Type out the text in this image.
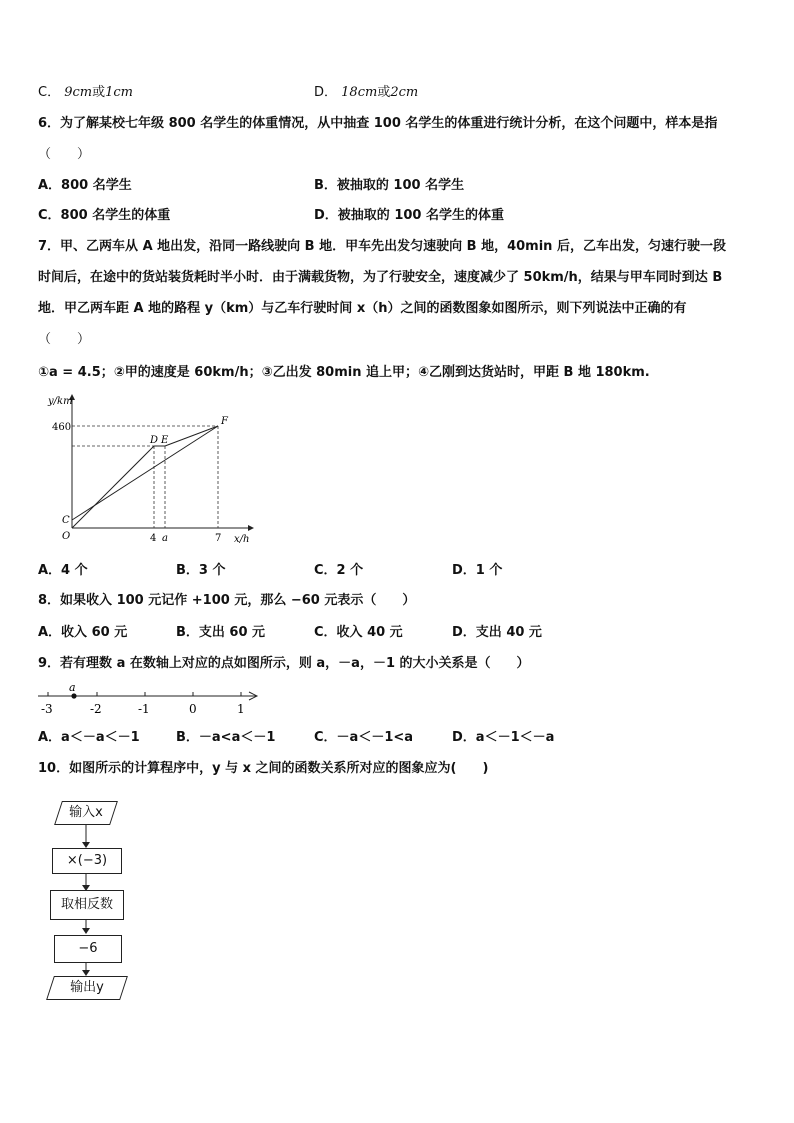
C． 9cm或1cm	D． 18cm或2cm
6．为了解某校七年级 800 名学生的体重情况，从中抽查 100 名学生的体重进行统计分析，在这个问题中，样本是指
（　　）
A．800 名学生	B．被抽取的 100 名学生
C．800 名学生的体重	D．被抽取的 100 名学生的体重
7．甲、乙两车从 A 地出发，沿同一路线驶向 B 地．甲车先出发匀速驶向 B 地，40min 后，乙车出发，匀速行驶一段
时间后，在途中的货站装货耗时半小时．由于满载货物，为了行驶安全，速度减少了 50km/h，结果与甲车同时到达 B
地．甲乙两车距 A 地的路程 y（km）与乙车行驶时间 x（h）之间的函数图象如图所示，则下列说法中正确的有
（　　）
①a = 4.5；②甲的速度是 60km/h；③乙出发 80min 追上甲；④乙刚到达货站时，甲距 B 地 180km.
y/km
x/h
460
4 a	7
O
C
D E
F
A．4 个	B．3 个	C．2 个	D．1 个
8．如果收入 100 元记作 +100 元，那么 −60 元表示（　　）
A．收入 60 元	B．支出 60 元	C．收入 40 元	D．支出 40 元
9．若有理数 a 在数轴上对应的点如图所示，则 a，－a，－1 的大小关系是（　　）
a
-3	-2	-1	0	1
A．a＜－a＜－1	B．－a<a＜－1	C．－a＜－1<a	D．a＜－1＜－a
10．如图所示的计算程序中，y 与 x 之间的函数关系所对应的图象应为(　　)
输入x
×(−3)
取相反数
−6
输出y
